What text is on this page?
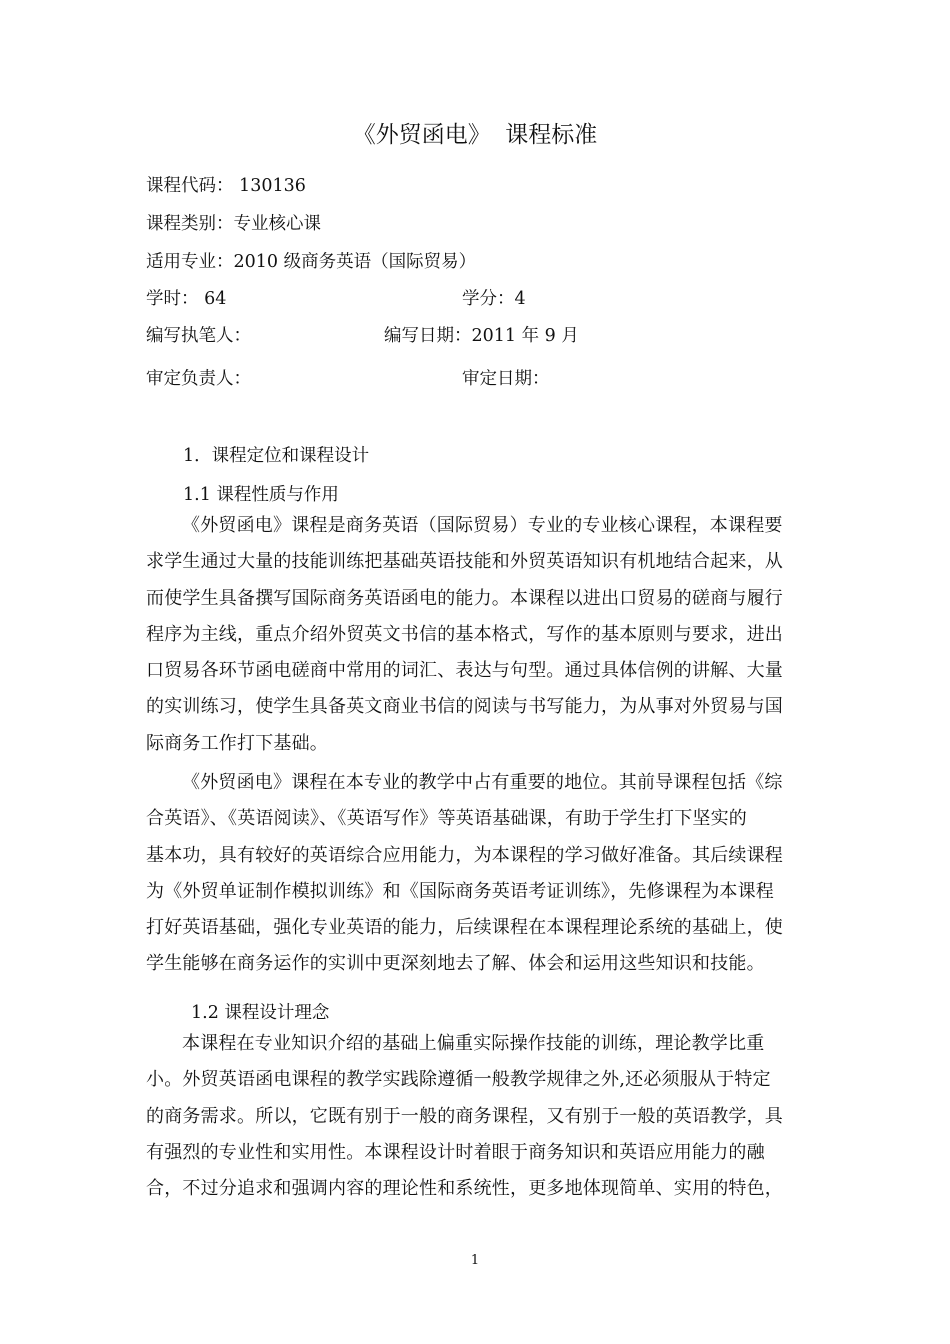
《外贸函电》  课程标准
课程代码： 130136
课程类别：专业核心课
适用专业：2010 级商务英语（国际贸易）
学时： 64	学分：4
编写执笔人：	编写日期：2011 年 9 月
审定负责人：	审定日期：
1．课程定位和课程设计
1.1 课程性质与作用
《外贸函电》课程是商务英语（国际贸易）专业的专业核心课程，本课程要
求学生通过大量的技能训练把基础英语技能和外贸英语知识有机地结合起来，从
而使学生具备撰写国际商务英语函电的能力。本课程以进出口贸易的磋商与履行
程序为主线，重点介绍外贸英文书信的基本格式，写作的基本原则与要求，进出
口贸易各环节函电磋商中常用的词汇、表达与句型。通过具体信例的讲解、大量
的实训练习，使学生具备英文商业书信的阅读与书写能力，为从事对外贸易与国
际商务工作打下基础。
《外贸函电》课程在本专业的教学中占有重要的地位。其前导课程包括《综
合英语》、《英语阅读》、《英语写作》等英语基础课，有助于学生打下坚实的
基本功，具有较好的英语综合应用能力，为本课程的学习做好准备。其后续课程
为《外贸单证制作模拟训练》和《国际商务英语考证训练》，先修课程为本课程
打好英语基础，强化专业英语的能力，后续课程在本课程理论系统的基础上，使
学生能够在商务运作的实训中更深刻地去了解、体会和运用这些知识和技能。
1.2 课程设计理念
本课程在专业知识介绍的基础上偏重实际操作技能的训练，理论教学比重
小。外贸英语函电课程的教学实践除遵循一般教学规律之外,还必须服从于特定
的商务需求。所以，它既有别于一般的商务课程，又有别于一般的英语教学，具
有强烈的专业性和实用性。本课程设计时着眼于商务知识和英语应用能力的融
合，不过分追求和强调内容的理论性和系统性，更多地体现简单、实用的特色，
1
